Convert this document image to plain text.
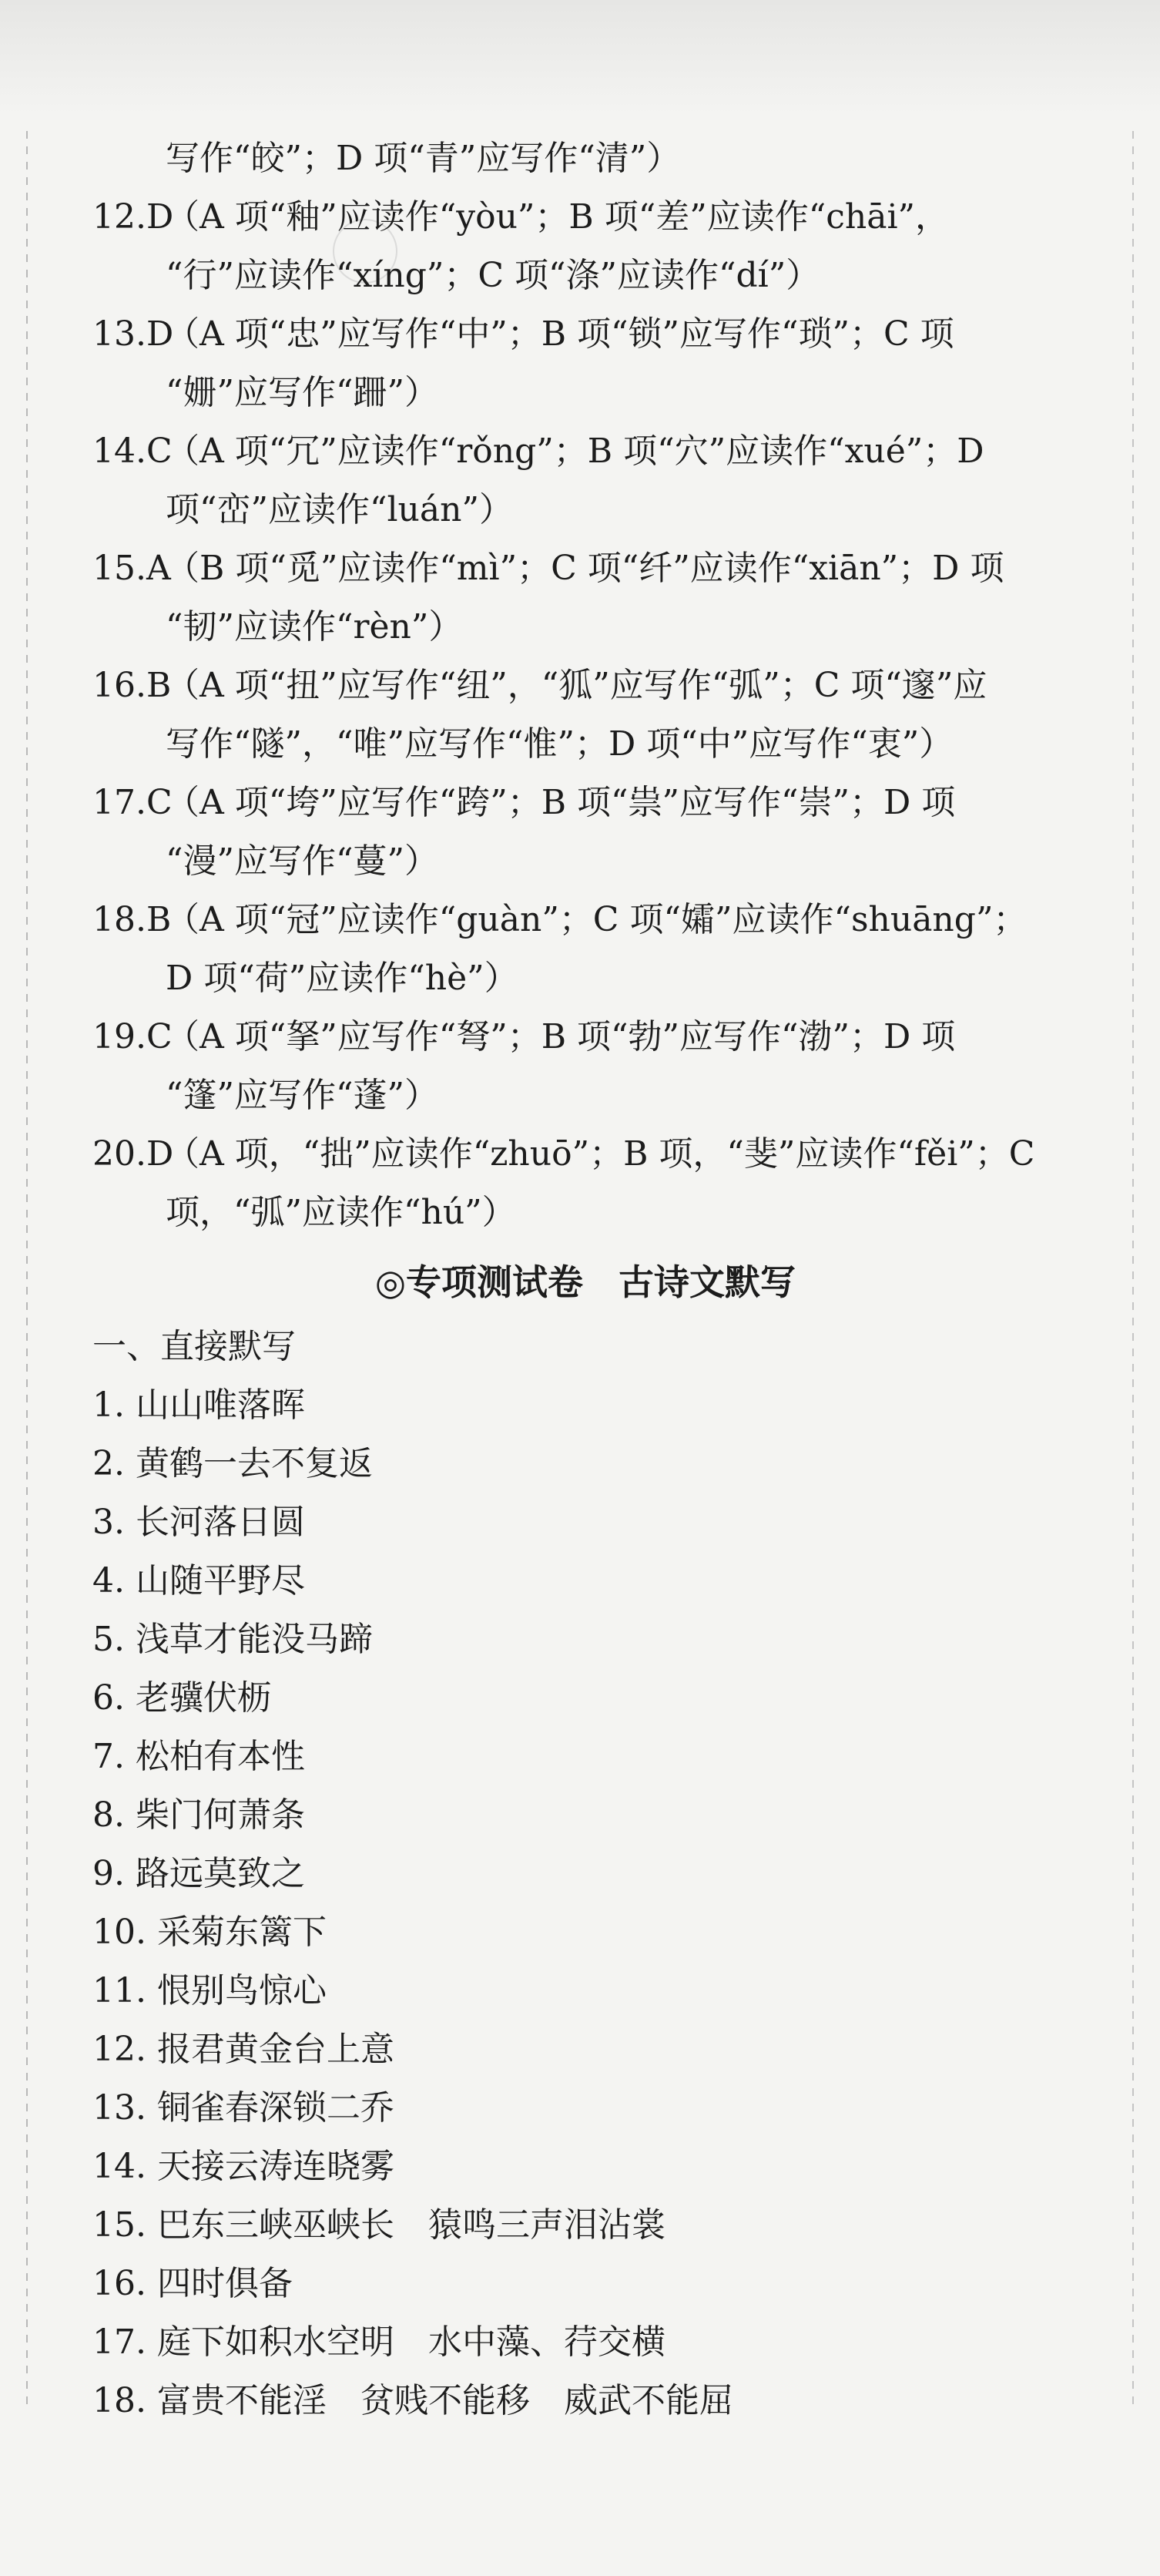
写作“皎”；D 项“青”应写作“清”）
12.D
（A 项“釉”应读作“yòu”；B 项“差”应读作“chāi”，
“行”应读作“xíng”；C 项“涤”应读作“dí”）
13.D
（A 项“忠”应写作“中”；B 项“锁”应写作“琐”；C 项
“姗”应写作“跚”）
14.C
（A 项“冗”应读作“rǒng”；B 项“穴”应读作“xué”；D
项“峦”应读作“luán”）
15.A
（B 项“觅”应读作“mì”；C 项“纤”应读作“xiān”；D 项
“韧”应读作“rèn”）
16.B
（A 项“扭”应写作“纽”，“狐”应写作“弧”；C 项“邃”应
写作“隧”，“唯”应写作“惟”；D 项“中”应写作“衷”）
17.C
（A 项“垮”应写作“跨”；B 项“祟”应写作“崇”；D 项
“漫”应写作“蔓”）
18.B
（A 项“冠”应读作“guàn”；C 项“孀”应读作“shuāng”；
D 项“荷”应读作“hè”）
19.C
（A 项“拏”应写作“弩”；B 项“勃”应写作“渤”；D 项
“篷”应写作“蓬”）
20.D
（A 项，“拙”应读作“zhuō”；B 项，“斐”应读作“fěi”；C
项，“弧”应读作“hú”）
◎专项测试卷　古诗文默写
一、直接默写
1. 山山唯落晖
2. 黄鹤一去不复返
3. 长河落日圆
4. 山随平野尽
5. 浅草才能没马蹄
6. 老骥伏枥
7. 松柏有本性
8. 柴门何萧条
9. 路远莫致之
10. 采菊东篱下
11. 恨别鸟惊心
12. 报君黄金台上意
13. 铜雀春深锁二乔
14. 天接云涛连晓雾
15. 巴东三峡巫峡长　猿鸣三声泪沾裳
16. 四时俱备
17. 庭下如积水空明　水中藻、荇交横
18. 富贵不能淫　贫贱不能移　威武不能屈
